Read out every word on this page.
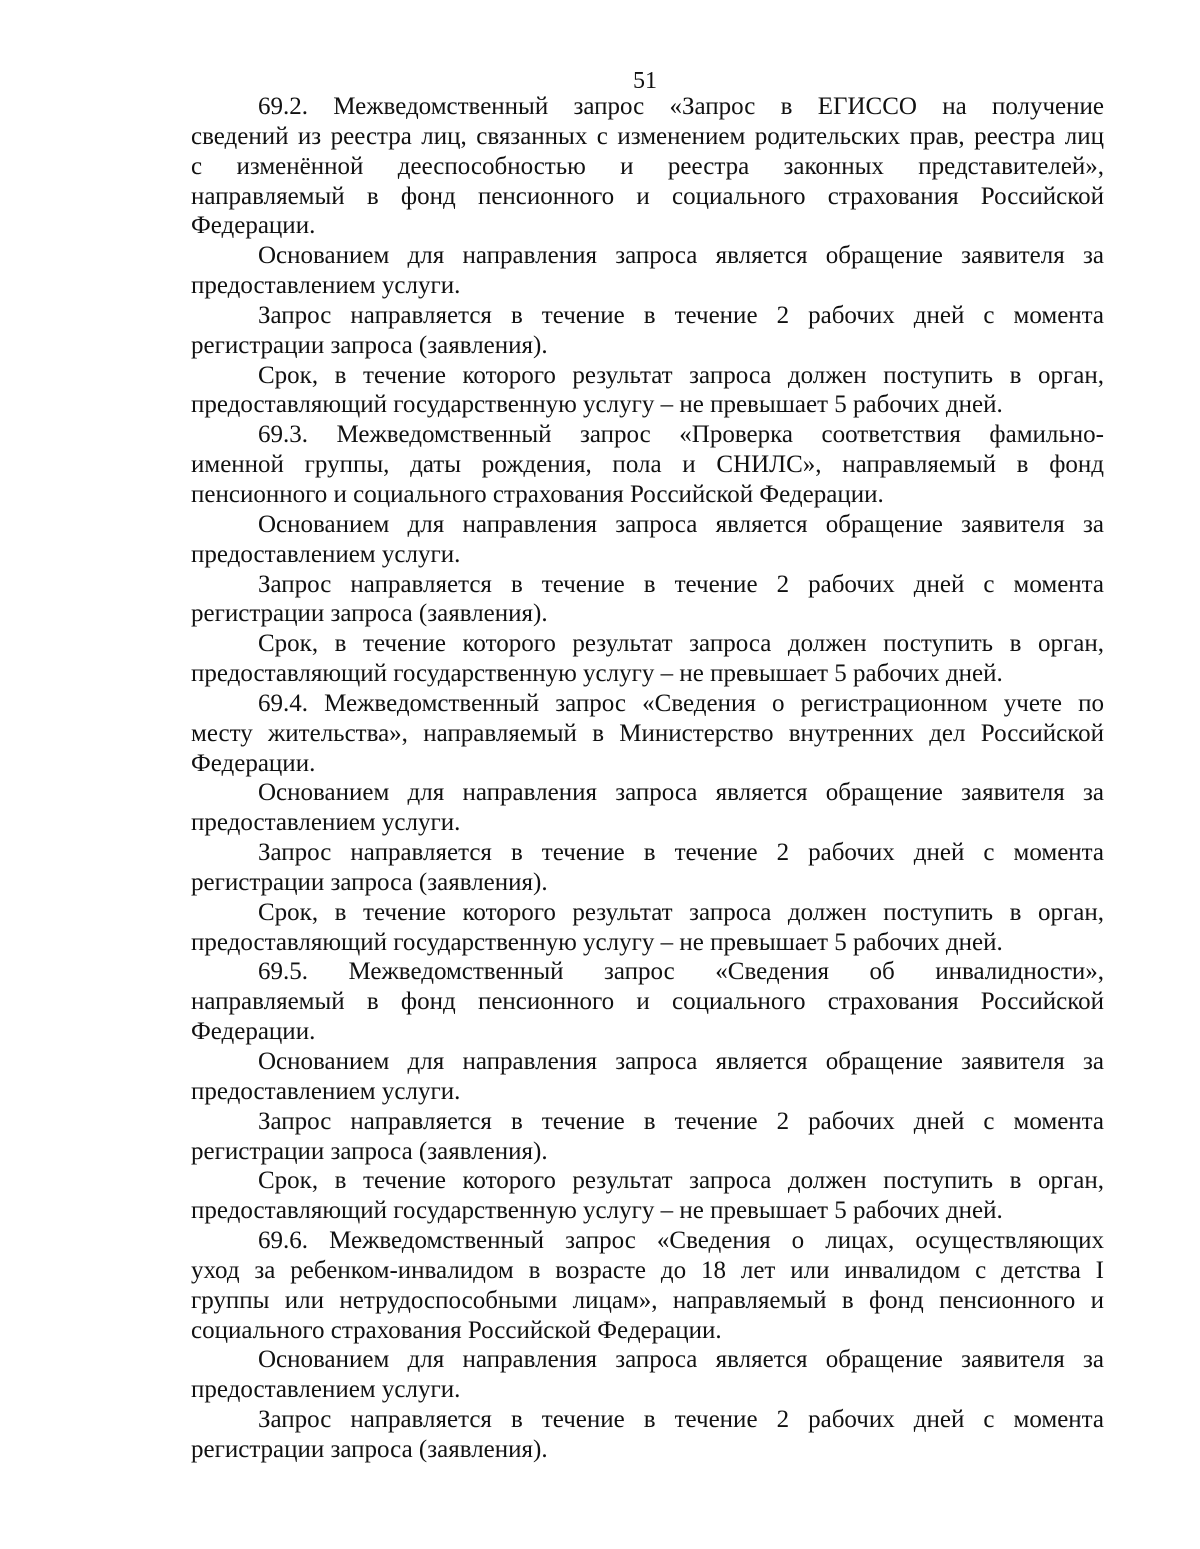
51
69.2. Межведомственный запрос «Запрос в ЕГИССО на получение
сведений из реестра лиц, связанных с изменением родительских прав, реестра лиц
с изменённой дееспособностью и реестра законных представителей»,
направляемый в фонд пенсионного и социального страхования Российской
Федерации.
Основанием для направления запроса является обращение заявителя за
предоставлением услуги.
Запрос направляется в течение в течение 2 рабочих дней с момента
регистрации запроса (заявления).
Срок, в течение которого результат запроса должен поступить в орган,
предоставляющий государственную услугу – не превышает 5 рабочих дней.
69.3. Межведомственный запрос «Проверка соответствия фамильно-
именной группы, даты рождения, пола и СНИЛС», направляемый в фонд
пенсионного и социального страхования Российской Федерации.
Основанием для направления запроса является обращение заявителя за
предоставлением услуги.
Запрос направляется в течение в течение 2 рабочих дней с момента
регистрации запроса (заявления).
Срок, в течение которого результат запроса должен поступить в орган,
предоставляющий государственную услугу – не превышает 5 рабочих дней.
69.4. Межведомственный запрос «Сведения о регистрационном учете по
месту жительства», направляемый в Министерство внутренних дел Российской
Федерации.
Основанием для направления запроса является обращение заявителя за
предоставлением услуги.
Запрос направляется в течение в течение 2 рабочих дней с момента
регистрации запроса (заявления).
Срок, в течение которого результат запроса должен поступить в орган,
предоставляющий государственную услугу – не превышает 5 рабочих дней.
69.5. Межведомственный запрос «Сведения об инвалидности»,
направляемый в фонд пенсионного и социального страхования Российской
Федерации.
Основанием для направления запроса является обращение заявителя за
предоставлением услуги.
Запрос направляется в течение в течение 2 рабочих дней с момента
регистрации запроса (заявления).
Срок, в течение которого результат запроса должен поступить в орган,
предоставляющий государственную услугу – не превышает 5 рабочих дней.
69.6. Межведомственный запрос «Сведения о лицах, осуществляющих
уход за ребенком-инвалидом в возрасте до 18 лет или инвалидом с детства I
группы или нетрудоспособными лицам», направляемый в фонд пенсионного и
социального страхования Российской Федерации.
Основанием для направления запроса является обращение заявителя за
предоставлением услуги.
Запрос направляется в течение в течение 2 рабочих дней с момента
регистрации запроса (заявления).
